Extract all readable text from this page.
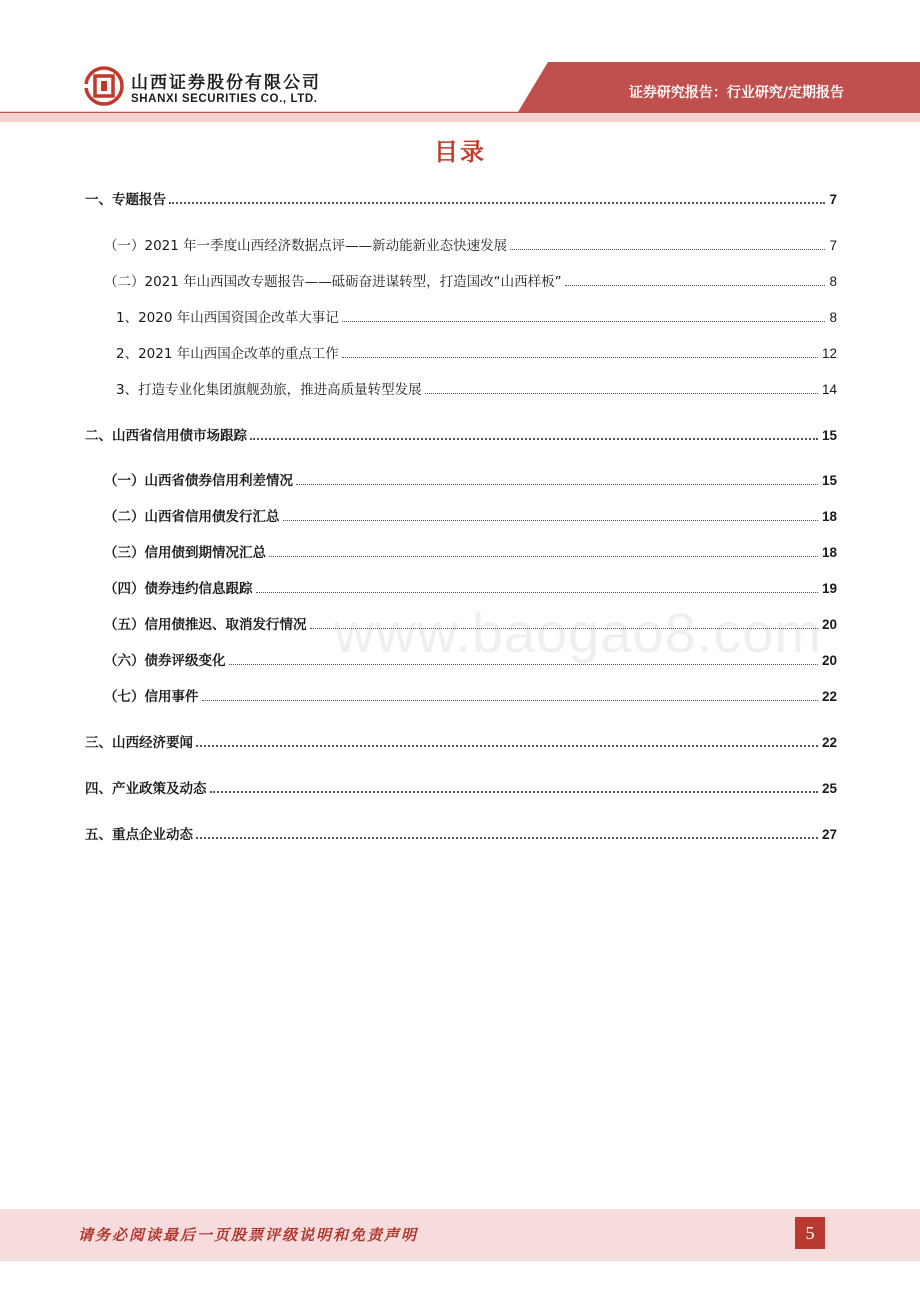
山西证券股份有限公司
SHANXI SECURITIES CO., LTD.	证券研究报告：行业研究/定期报告
目录
一、专题报告	7
（一）2021 年一季度山西经济数据点评——新动能新业态快速发展	7
（二）2021 年山西国改专题报告——砥砺奋进谋转型，打造国改“山西样板”	8
1、2020 年山西国资国企改革大事记	8
2、2021 年山西国企改革的重点工作	12
3、打造专业化集团旗舰劲旅，推进高质量转型发展	14
二、山西省信用债市场跟踪	15
（一）山西省债券信用利差情况	15
（二）山西省信用债发行汇总	18
（三）信用债到期情况汇总	18
（四）债券违约信息跟踪	19
（五）信用债推迟、取消发行情况	20
（六）债券评级变化	20
（七）信用事件	22
三、山西经济要闻	22
四、产业政策及动态	25
五、重点企业动态	27
www.baogao8.com
请务必阅读最后一页股票评级说明和免责声明	5
